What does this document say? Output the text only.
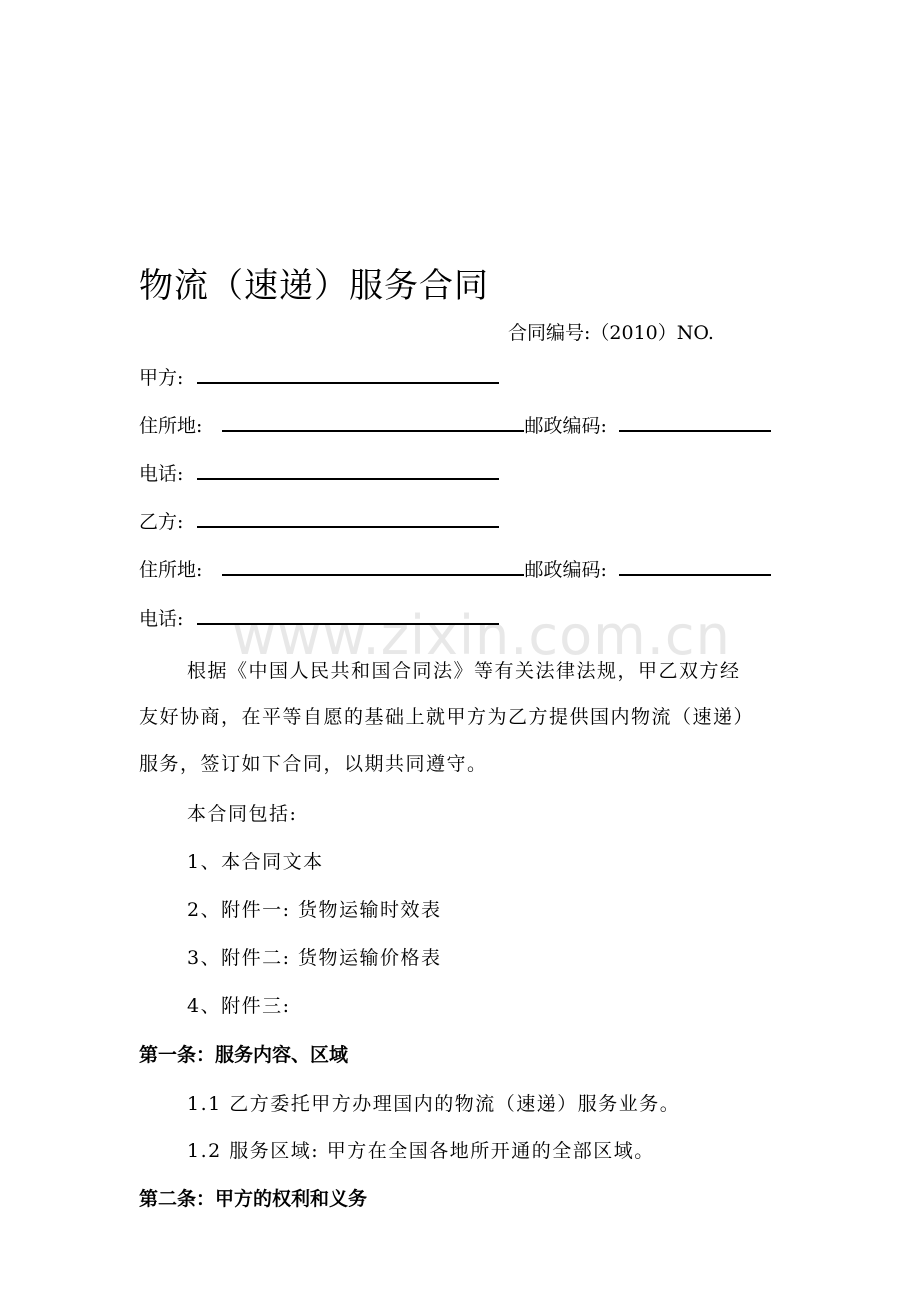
www.zixin.com.cn
物流（速递）服务合同
合同编号:（2010）NO.
甲方:
住所地:	邮政编码:
电话:
乙方:
住所地:	邮政编码:
电话:
根据《中国人民共和国合同法》等有关法律法规，甲乙双方经
友好协商，在平等自愿的基础上就甲方为乙方提供国内物流（速递）
服务，签订如下合同，以期共同遵守。
本合同包括:
1、本合同文本
2、附件一: 货物运输时效表
3、附件二: 货物运输价格表
4、附件三:
第一条：服务内容、区域
1.1 乙方委托甲方办理国内的物流（速递）服务业务。
1.2 服务区域: 甲方在全国各地所开通的全部区域。
第二条：甲方的权利和义务
